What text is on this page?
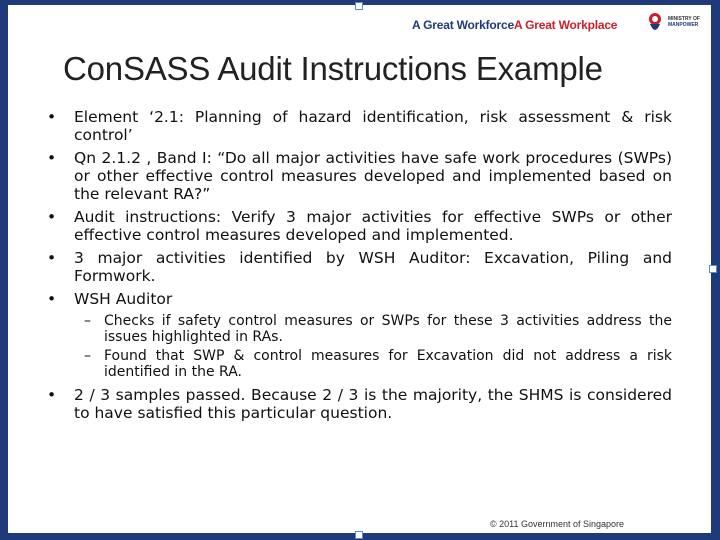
A Great WorkforceA Great Workplace	MINISTRY OF
MANPOWER
ConSASS Audit Instructions Example
• Element ‘2.1: Planning of hazard identification, risk assessment & risk control’
• Qn 2.1.2 , Band I: “Do all major activities have safe work procedures (SWPs) or other effective control measures developed and implemented based on the relevant RA?”
• Audit instructions: Verify 3 major activities for effective SWPs or other effective control measures developed and implemented.
• 3 major activities identified by WSH Auditor: Excavation, Piling and Formwork.
• WSH Auditor
– Checks if safety control measures or SWPs for these 3 activities address the issues highlighted in RAs.
– Found that SWP & control measures for Excavation did not address a risk identified in the RA.
• 2 / 3 samples passed. Because 2 / 3 is the majority, the SHMS is considered to have satisfied this particular question.
© 2011 Government of Singapore
